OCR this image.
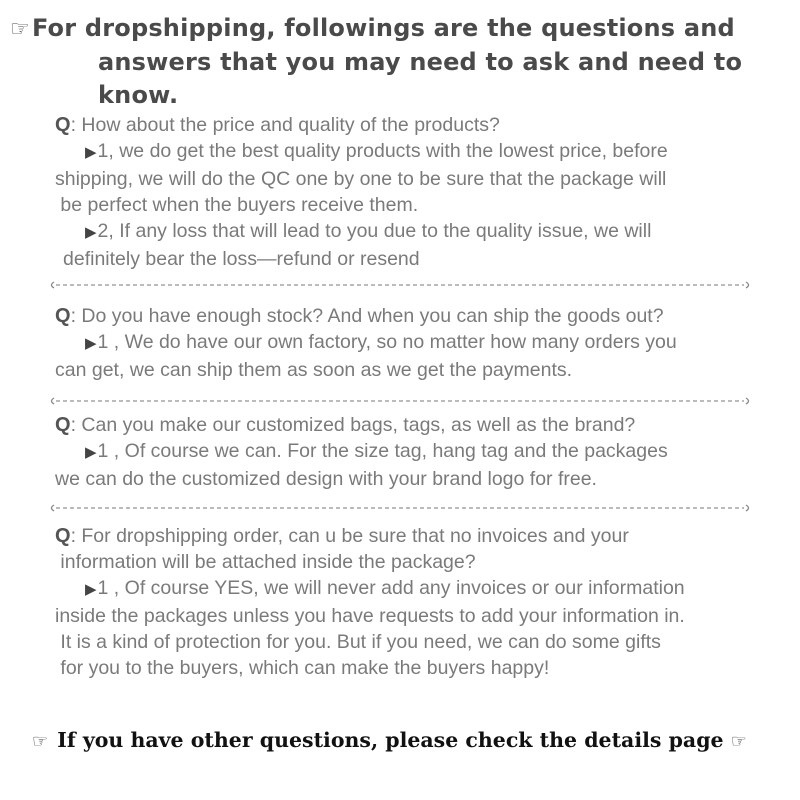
☞For dropshipping, followings are the questions and
answers that you may need to ask and need to know.
Q: How about the price and quality of the products?
▶1, we do get the best quality products with the lowest price, before
shipping, we will do the QC one by one to be sure that the package will
be perfect when the buyers receive them.
▶2, If any loss that will lead to you due to the quality issue, we will
definitely bear the loss—refund or resend
Q: Do you have enough stock? And when you can ship the goods out?
▶1 , We do have our own factory, so no matter how many orders you
can get, we can ship them as soon as we get the payments.
Q: Can you make our customized bags, tags, as well as the brand?
▶1 , Of course we can. For the size tag, hang tag and the packages
we can do the customized design with your brand logo for free.
Q: For dropshipping order, can u be sure that no invoices and your
information will be attached inside the package?
▶1 , Of course YES, we will never add any invoices or our information
inside the packages unless you have requests to add your information in.
It is a kind of protection for you. But if you need, we can do some gifts
for you to the buyers, which can make the buyers happy!
☞ If you have other questions, please check the details page ☞
